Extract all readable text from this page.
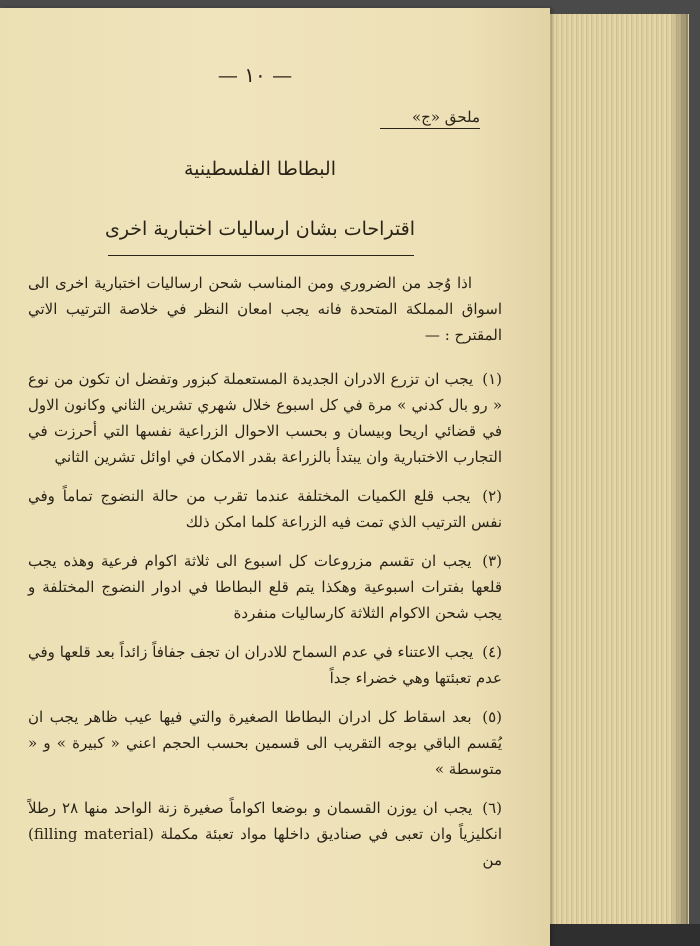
— ١٠ —
ملحق «ج»
البطاطا الفلسطينية
اقتراحات بشان ارساليات اختبارية اخرى

اذا وُجد من الضروري ومن المناسب شحن ارساليات اختبارية اخرى الى اسواق المملكة المتحدة فانه يجب امعان النظر في خلاصة الترتيب الاتي المقترح : —

(١) يجب ان تزرع الادران الجديدة المستعملة كبزور وتفضل ان تكون من نوع « رو بال كدني » مرة في كل اسبوع خلال شهري تشرين الثاني وكانون الاول في قضائي اريحا وبيسان و بحسب الاحوال الزراعية نفسها التي أحرزت في التجارب الاختبارية وان يبتدأ بالزراعة بقدر الامكان في اوائل تشرين الثاني

(٢) يجب قلع الكميات المختلفة عندما تقرب من حالة النضوج تماماً وفي نفس الترتيب الذي تمت فيه الزراعة كلما امكن ذلك

(٣) يجب ان تقسم مزروعات كل اسبوع الى ثلاثة اكوام فرعية وهذه يجب قلعها بفترات اسبوعية وهكذا يتم قلع البطاطا في ادوار النضوج المختلفة و يجب شحن الاكوام الثلاثة كارساليات منفردة

(٤) يجب الاعتناء في عدم السماح للادران ان تجف جفافاً زائداً بعد قلعها وفي عدم تعبئتها وهي خضراء جداً

(٥) بعد اسقاط كل ادران البطاطا الصغيرة والتي فيها عيب ظاهر يجب ان يُقسم الباقي بوجه التقريب الى قسمين بحسب الحجم اعني « كبيرة » و « متوسطة »

(٦) يجب ان يوزن القسمان و بوضعا اكواماً صغيرة زنة الواحد منها ٢٨ رطلاً انكليزياً وان تعبى في صناديق داخلها مواد تعبئة مكملة (filling material) من
